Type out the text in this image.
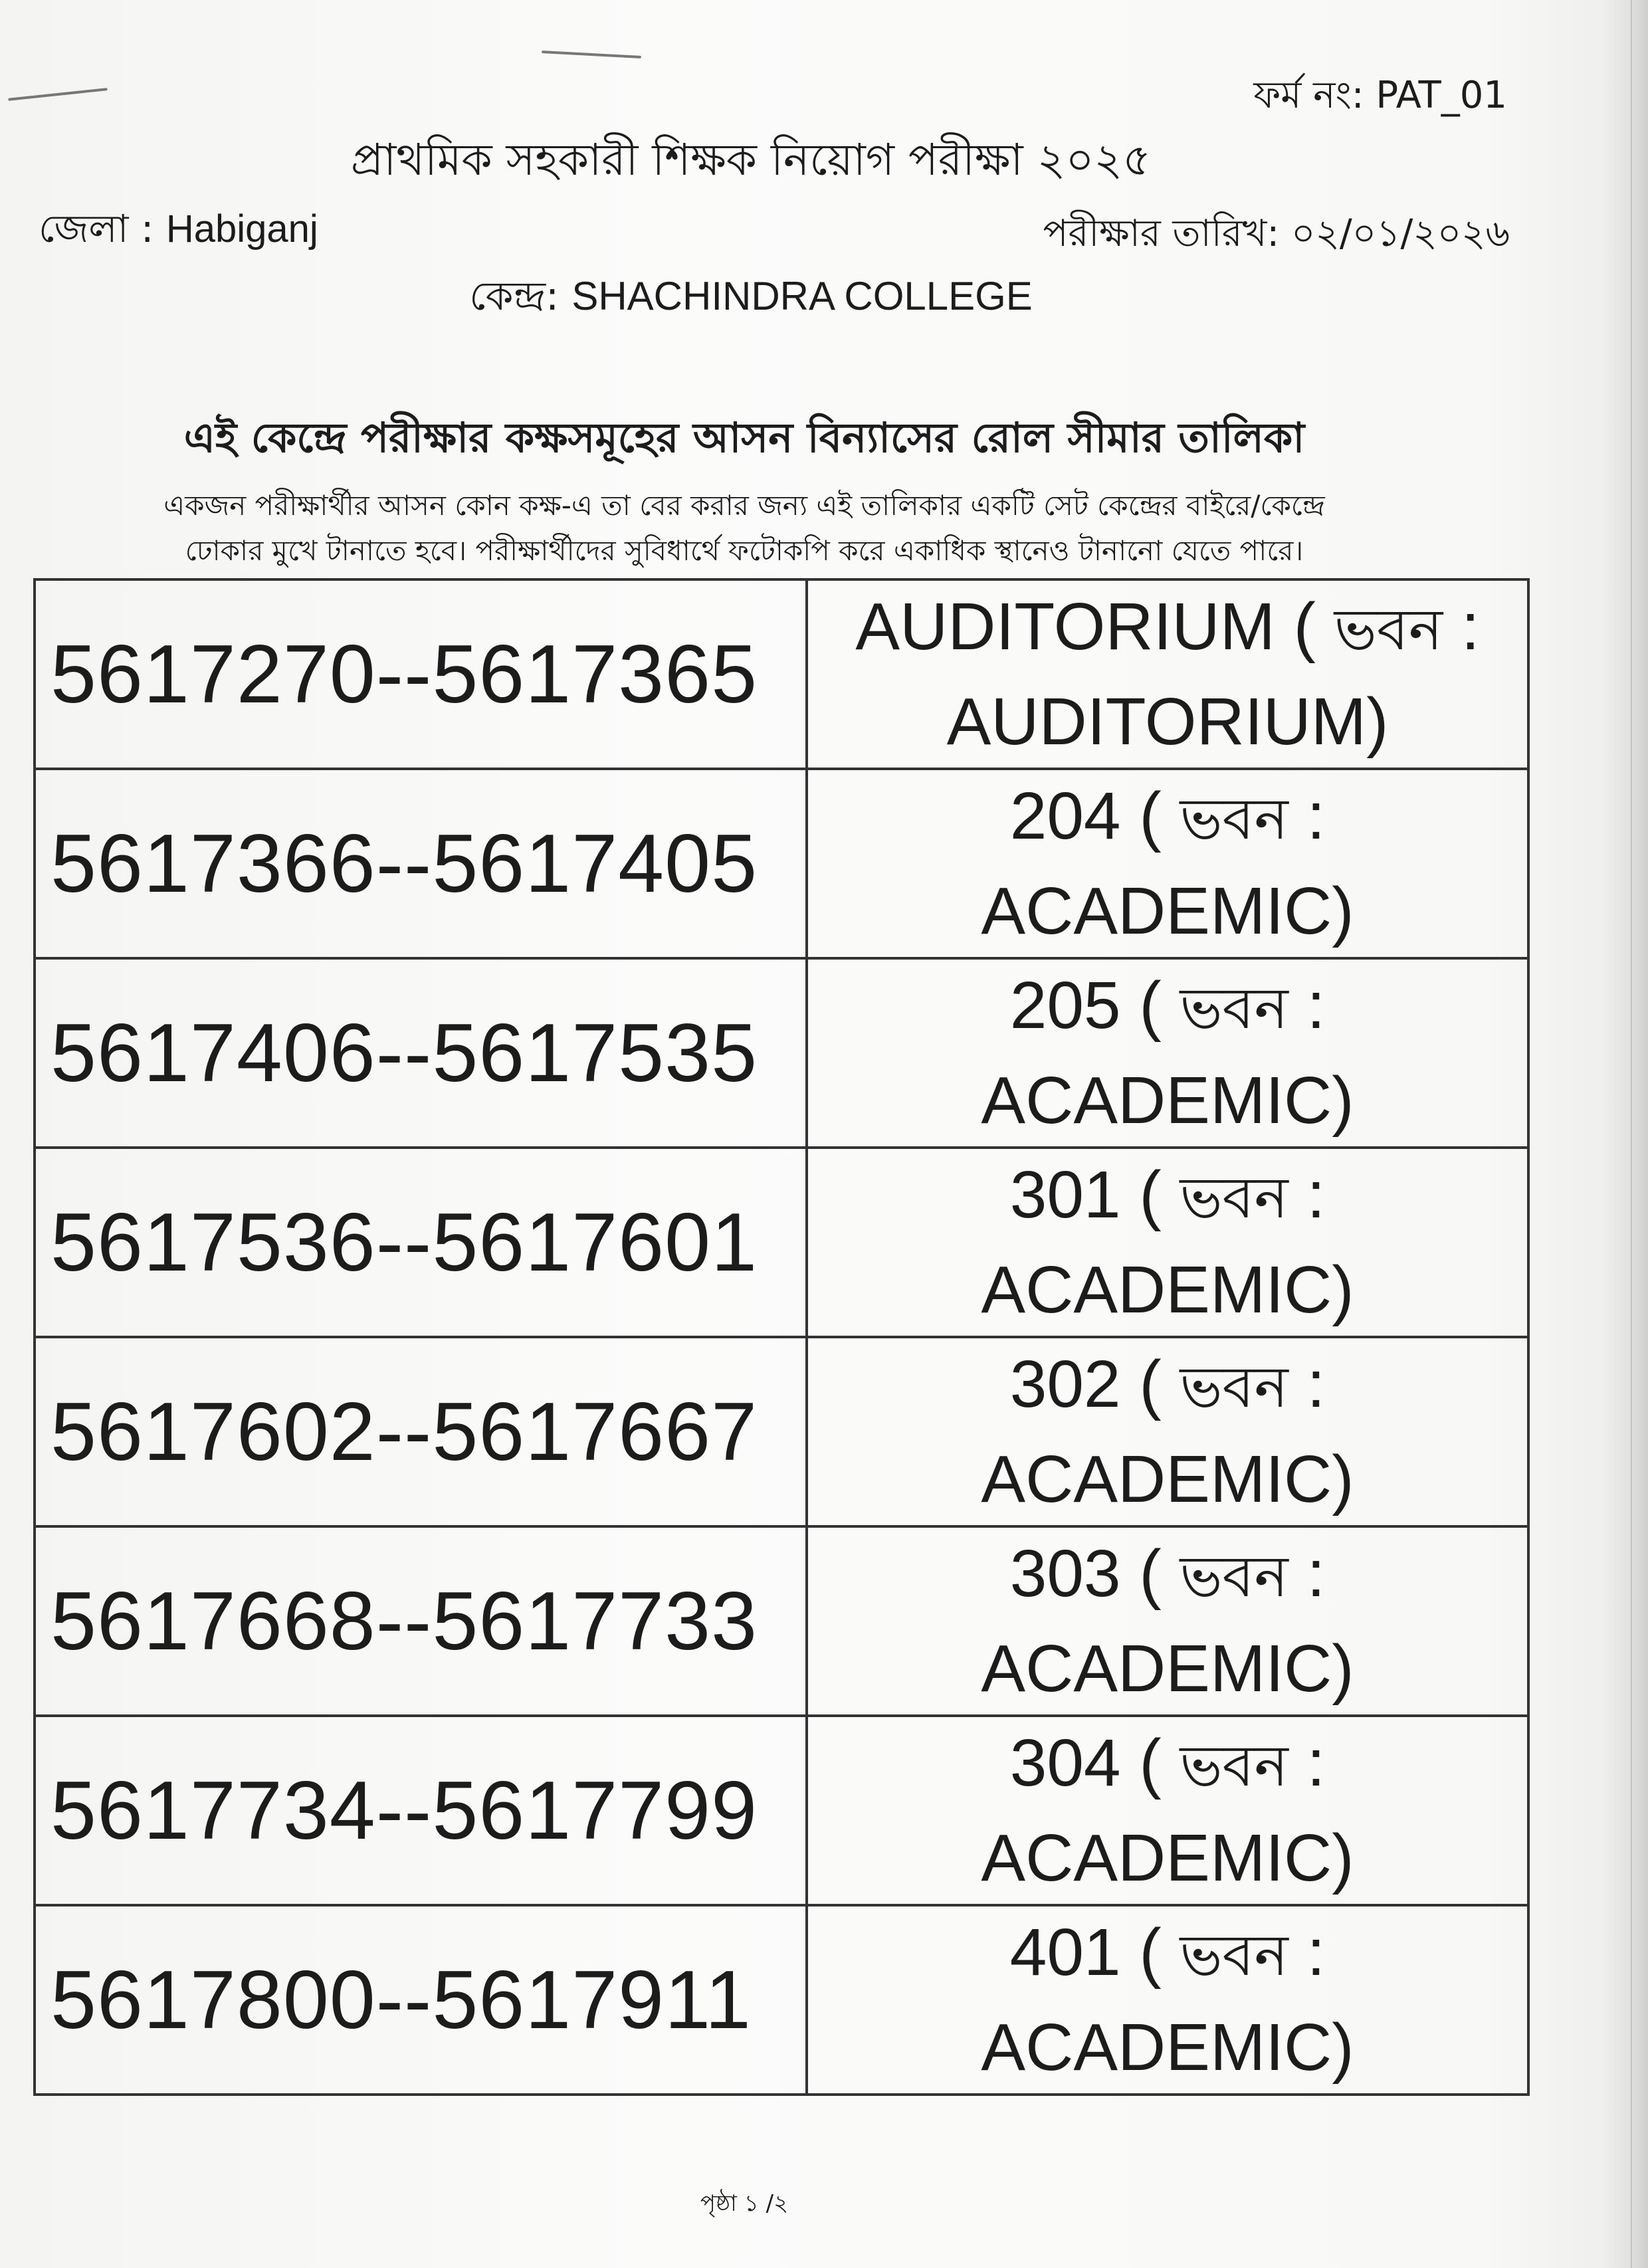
ফর্ম নং: PAT_01
প্রাথমিক সহকারী শিক্ষক নিয়োগ পরীক্ষা ২০২৫
জেলা : Habiganj	পরীক্ষার তারিখ: ০২/০১/২০২৬
কেন্দ্র: SHACHINDRA COLLEGE
এই কেন্দ্রে পরীক্ষার কক্ষসমূহের আসন বিন্যাসের রোল সীমার তালিকা
একজন পরীক্ষার্থীর আসন কোন কক্ষ-এ তা বের করার জন্য এই তালিকার একটি সেট কেন্দ্রের বাইরে/কেন্দ্রে
ঢোকার মুখে টানাতে হবে। পরীক্ষার্থীদের সুবিধার্থে ফটোকপি করে একাধিক স্থানেও টানানো যেতে পারে।
5617270--5617365	AUDITORIUM ( ভবন :
AUDITORIUM)
5617366--5617405	204 ( ভবন :
ACADEMIC)
5617406--5617535	205 ( ভবন :
ACADEMIC)
5617536--5617601	301 ( ভবন :
ACADEMIC)
5617602--5617667	302 ( ভবন :
ACADEMIC)
5617668--5617733	303 ( ভবন :
ACADEMIC)
5617734--5617799	304 ( ভবন :
ACADEMIC)
5617800--5617911	401 ( ভবন :
ACADEMIC)
পৃষ্ঠা ১ /২
